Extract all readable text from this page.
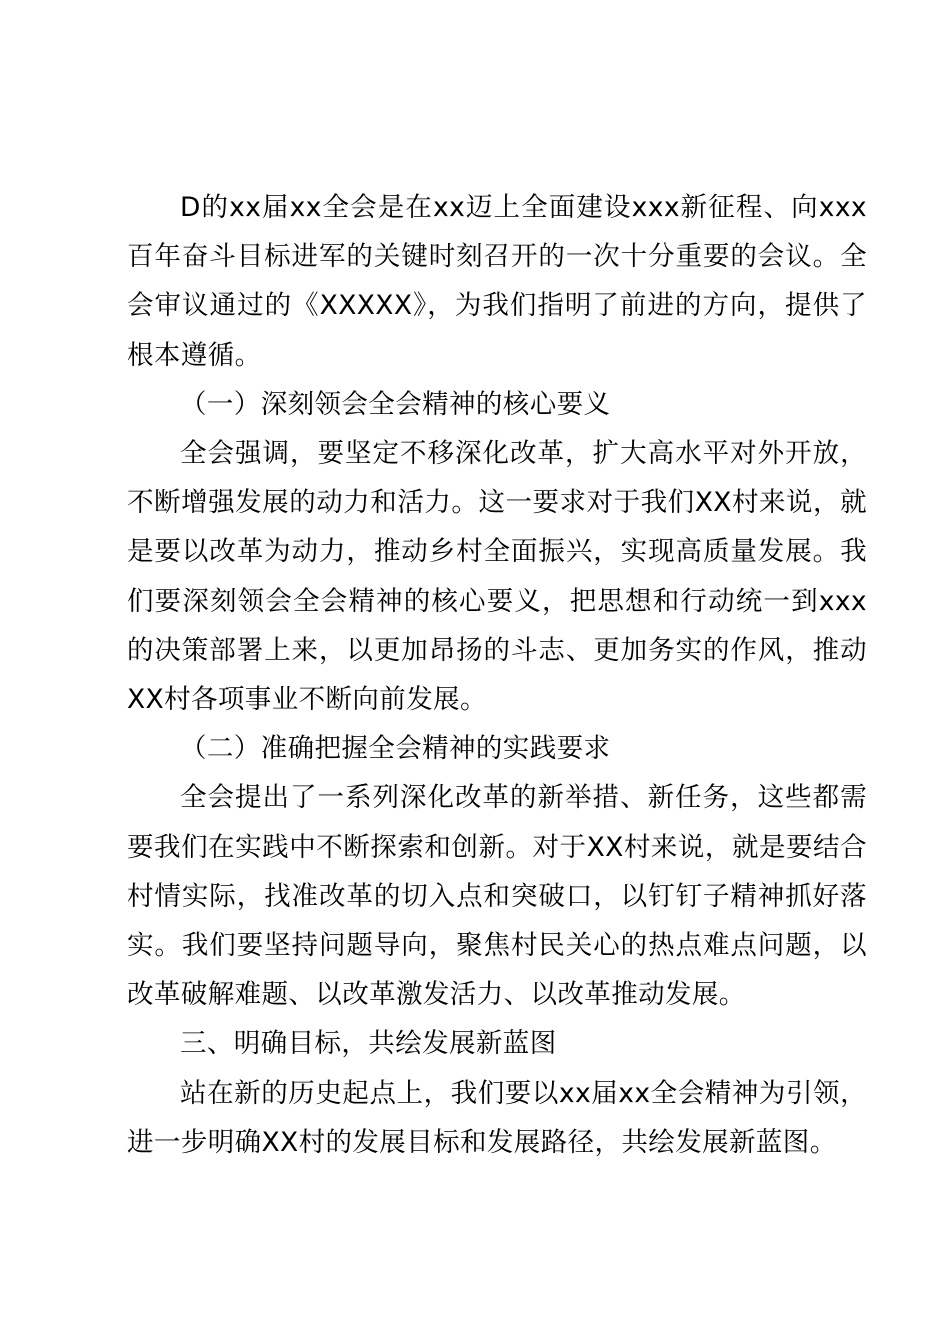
D的xx届xx全会是在xx迈上全面建设xxx新征程、向xxx百年奋斗目标进军的关键时刻召开的一次十分重要的会议。全会审议通过的《XXXXX》，为我们指明了前进的方向，提供了根本遵循。

（一）深刻领会全会精神的核心要义

全会强调，要坚定不移深化改革，扩大高水平对外开放，不断增强发展的动力和活力。这一要求对于我们XX村来说，就是要以改革为动力，推动乡村全面振兴，实现高质量发展。我们要深刻领会全会精神的核心要义，把思想和行动统一到xxx的决策部署上来，以更加昂扬的斗志、更加务实的作风，推动XX村各项事业不断向前发展。

（二）准确把握全会精神的实践要求

全会提出了一系列深化改革的新举措、新任务，这些都需要我们在实践中不断探索和创新。对于XX村来说，就是要结合村情实际，找准改革的切入点和突破口，以钉钉子精神抓好落实。我们要坚持问题导向，聚焦村民关心的热点难点问题，以改革破解难题、以改革激发活力、以改革推动发展。

三、明确目标，共绘发展新蓝图

站在新的历史起点上，我们要以xx届xx全会精神为引领，进一步明确XX村的发展目标和发展路径，共绘发展新蓝图。
